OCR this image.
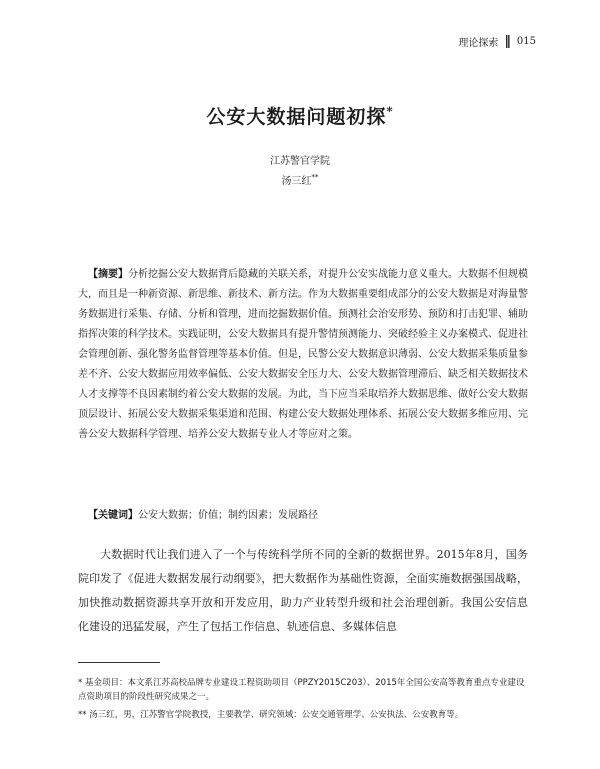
理论探索 ‖ 015
公安大数据问题初探*
江苏警官学院
汤三红**
【摘要】分析挖掘公安大数据背后隐藏的关联关系，对提升公安实战能力意义重大。大数据不但规模大，而且是一种新资源、新思维、新技术、新方法。作为大数据重要组成部分的公安大数据是对海量警务数据进行采集、存储、分析和管理，进而挖掘数据价值。预测社会治安形势、预防和打击犯罪、辅助指挥决策的科学技术。实践证明，公安大数据具有提升警情预测能力、突破经验主义办案模式、促进社会管理创新、强化警务监督管理等基本价值。但是，民警公安大数据意识薄弱、公安大数据采集质量参差不齐、公安大数据应用效率偏低、公安大数据安全压力大、公安大数据管理滞后、缺乏相关数据技术人才支撑等不良因素制约着公安大数据的发展。为此，当下应当采取培养大数据思维、做好公安大数据顶层设计、拓展公安大数据采集渠道和范围、构建公安大数据处理体系、拓展公安大数据多维应用、完善公安大数据科学管理、培养公安大数据专业人才等应对之策。
【关键词】公安大数据；价值；制约因素；发展路径
大数据时代让我们进入了一个与传统科学所不同的全新的数据世界。2015年8月，国务院印发了《促进大数据发展行动纲要》，把大数据作为基础性资源，全面实施数据强国战略，加快推动数据资源共享开放和开发应用，助力产业转型升级和社会治理创新。我国公安信息化建设的迅猛发展，产生了包括工作信息、轨迹信息、多媒体信息

* 基金项目：本文系江苏高校品牌专业建设工程资助项目（PPZY2015C203）、2015年全国公安高等教育重点专业建设点资助项目的阶段性研究成果之一。

** 汤三红，男，江苏警官学院教授，主要教学、研究领域：公安交通管理学、公安执法、公安教育等。
